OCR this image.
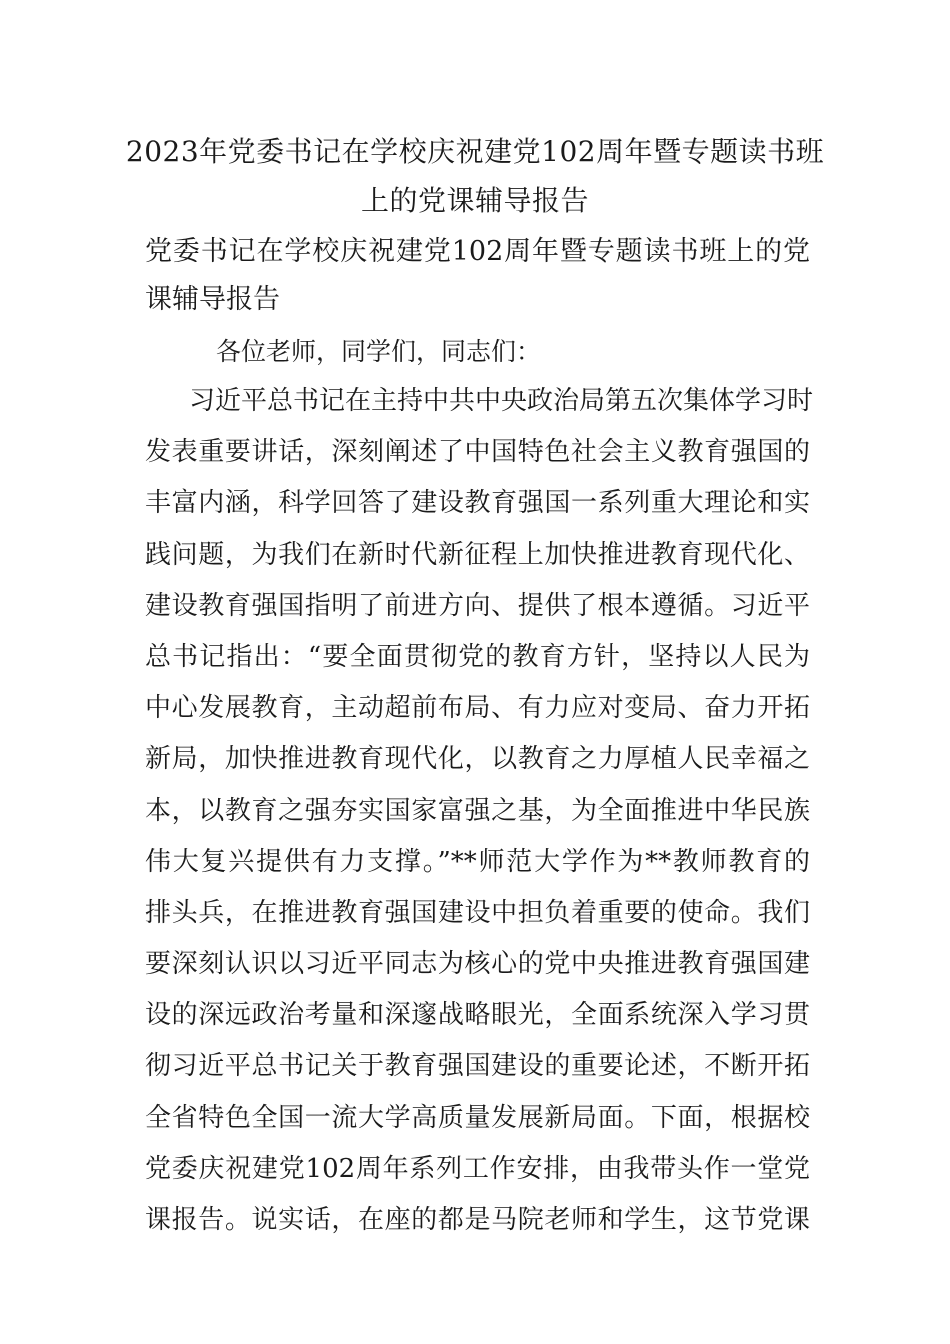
2023年党委书记在学校庆祝建党102周年暨专题读书班
上的党课辅导报告
党委书记在学校庆祝建党102周年暨专题读书班上的党课辅导报告
各位老师，同学们，同志们：
习近平总书记在主持中共中央政治局第五次集体学习时
发表重要讲话，深刻阐述了中国特色社会主义教育强国的
丰富内涵，科学回答了建设教育强国一系列重大理论和实
践问题，为我们在新时代新征程上加快推进教育现代化、
建设教育强国指明了前进方向、提供了根本遵循。习近平
总书记指出：“要全面贯彻党的教育方针，坚持以人民为
中心发展教育，主动超前布局、有力应对变局、奋力开拓
新局，加快推进教育现代化，以教育之力厚植人民幸福之
本，以教育之强夯实国家富强之基，为全面推进中华民族
伟大复兴提供有力支撑。”**师范大学作为**教师教育的
排头兵，在推进教育强国建设中担负着重要的使命。我们
要深刻认识以习近平同志为核心的党中央推进教育强国建
设的深远政治考量和深邃战略眼光，全面系统深入学习贯
彻习近平总书记关于教育强国建设的重要论述，不断开拓
全省特色全国一流大学高质量发展新局面。下面，根据校
党委庆祝建党102周年系列工作安排，由我带头作一堂党
课报告。说实话，在座的都是马院老师和学生，这节党课
